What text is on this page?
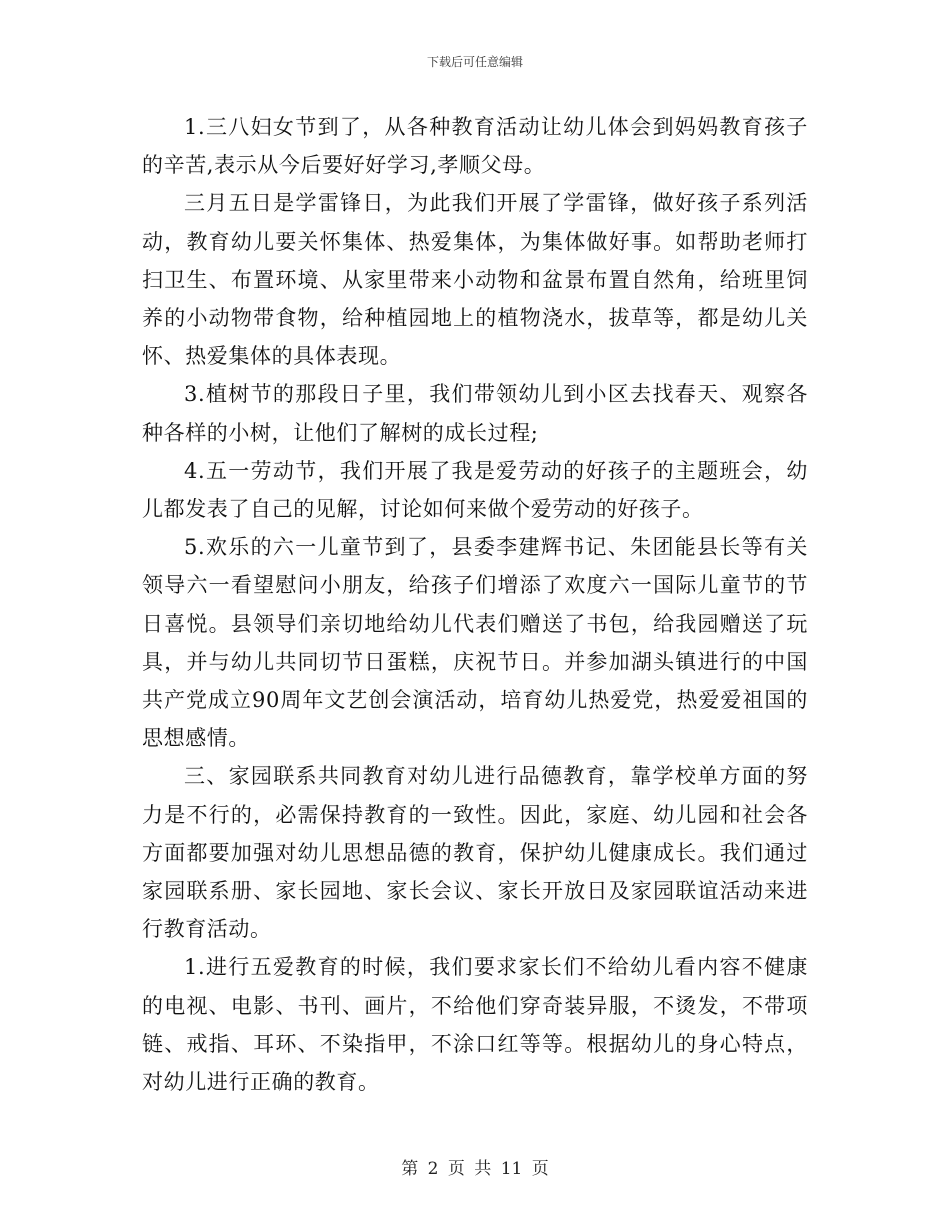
下载后可任意编辑

1.三八妇女节到了，从各种教育活动让幼儿体会到妈妈教育孩子的辛苦,表示从今后要好好学习,孝顺父母。

三月五日是学雷锋日，为此我们开展了学雷锋，做好孩子系列活动，教育幼儿要关怀集体、热爱集体，为集体做好事。如帮助老师打扫卫生、布置环境、从家里带来小动物和盆景布置自然角，给班里饲养的小动物带食物，给种植园地上的植物浇水，拔草等，都是幼儿关怀、热爱集体的具体表现。

3.植树节的那段日子里，我们带领幼儿到小区去找春天、观察各种各样的小树，让他们了解树的成长过程;

4.五一劳动节，我们开展了我是爱劳动的好孩子的主题班会，幼儿都发表了自己的见解，讨论如何来做个爱劳动的好孩子。

5.欢乐的六一儿童节到了，县委李建辉书记、朱团能县长等有关领导六一看望慰问小朋友，给孩子们增添了欢度六一国际儿童节的节日喜悦。县领导们亲切地给幼儿代表们赠送了书包，给我园赠送了玩具，并与幼儿共同切节日蛋糕，庆祝节日。并参加湖头镇进行的中国共产党成立90周年文艺创会演活动，培育幼儿热爱党，热爱爱祖国的思想感情。

三、家园联系共同教育对幼儿进行品德教育，靠学校单方面的努力是不行的，必需保持教育的一致性。因此，家庭、幼儿园和社会各方面都要加强对幼儿思想品德的教育，保护幼儿健康成长。我们通过家园联系册、家长园地、家长会议、家长开放日及家园联谊活动来进行教育活动。

1.进行五爱教育的时候，我们要求家长们不给幼儿看内容不健康的电视、电影、书刊、画片，不给他们穿奇装异服，不烫发，不带项链、戒指、耳环、不染指甲，不涂口红等等。根据幼儿的身心特点，对幼儿进行正确的教育。

第 2 页 共 11 页
